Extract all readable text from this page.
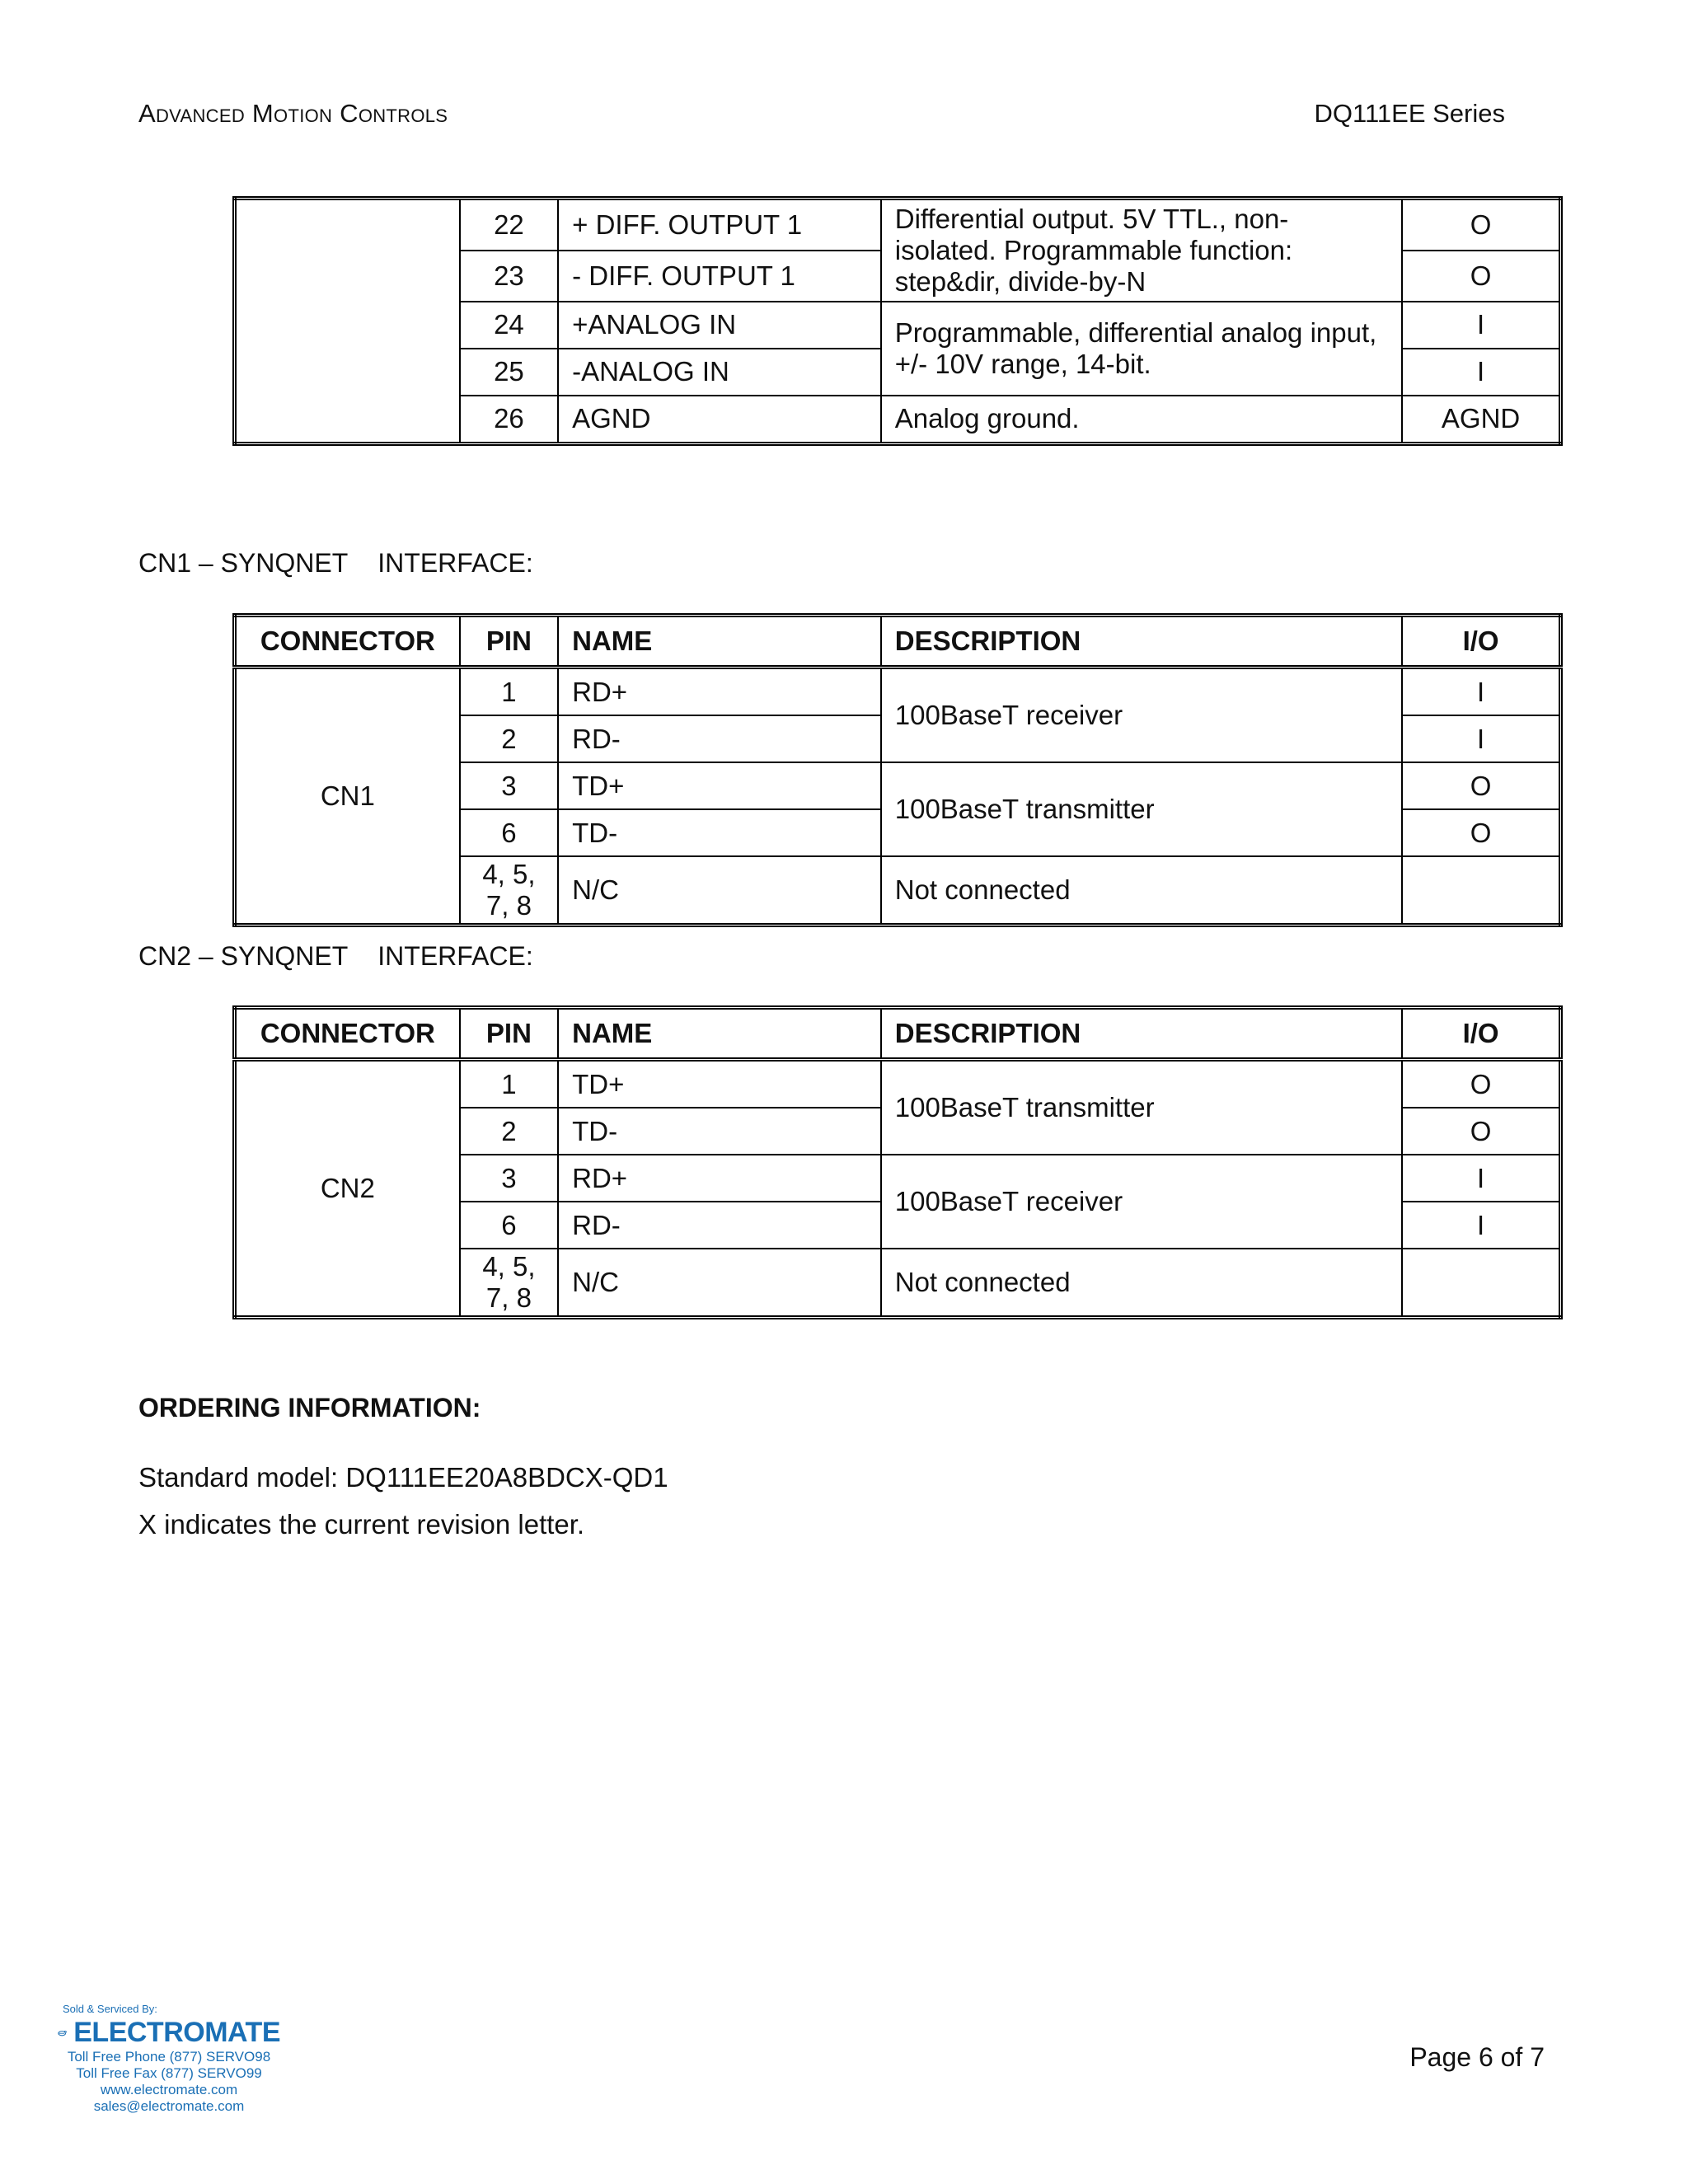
Advanced Motion Controls	DQ111EE Series
	22	+ DIFF. OUTPUT 1	Differential output. 5V TTL., non-isolated. Programmable function: step&dir, divide-by-N	O
	23	- DIFF. OUTPUT 1		O
	24	+ANALOG IN	Programmable, differential analog input, +/- 10V range, 14-bit.	I
	25	-ANALOG IN		I
	26	AGND	Analog ground.	AGND
CN1 – SYNQNET INTERFACE:
CONNECTOR	PIN	NAME	DESCRIPTION	I/O
CN1	1	RD+	100BaseT receiver	I
	2	RD-		I
	3	TD+	100BaseT transmitter	O
	6	TD-		O
	4, 5, 7, 8	N/C	Not connected	
CN2 – SYNQNET INTERFACE:
CONNECTOR	PIN	NAME	DESCRIPTION	I/O
CN2	1	TD+	100BaseT transmitter	O
	2	TD-		O
	3	RD+	100BaseT receiver	I
	6	RD-		I
	4, 5, 7, 8	N/C	Not connected	
ORDERING INFORMATION:
Standard model: DQ111EE20A8BDCX-QD1
X indicates the current revision letter.
Sold & Serviced By:
ELECTROMATE
Toll Free Phone (877) SERVO98
Toll Free Fax (877) SERVO99
www.electromate.com
sales@electromate.com
Page 6 of 7
